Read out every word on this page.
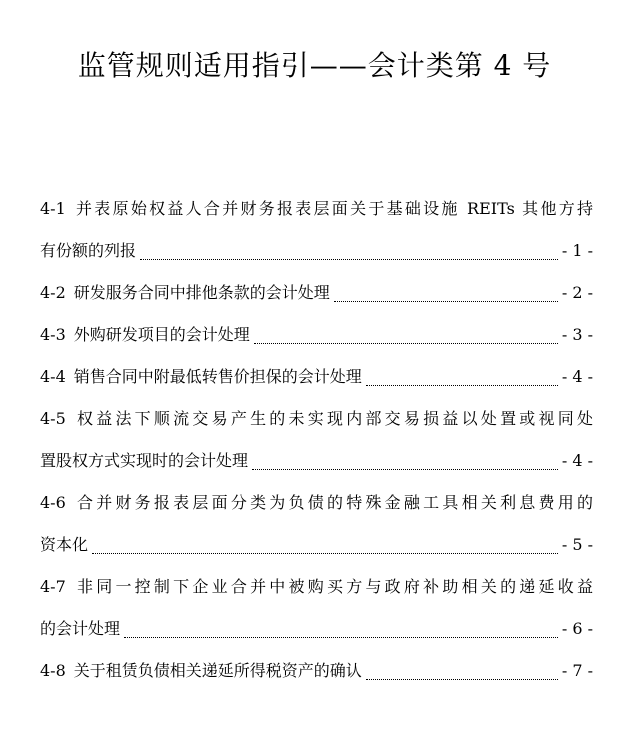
监管规则适用指引——会计类第 4 号
4-1 并表原始权益人合并财务报表层面关于基础设施 REITs 其他方持
有份额的列报	- 1 -
4-2 研发服务合同中排他条款的会计处理	- 2 -
4-3 外购研发项目的会计处理	- 3 -
4-4 销售合同中附最低转售价担保的会计处理	- 4 -
4-5 权益法下顺流交易产生的未实现内部交易损益以处置或视同处
置股权方式实现时的会计处理	- 4 -
4-6 合并财务报表层面分类为负债的特殊金融工具相关利息费用的
资本化	- 5 -
4-7 非同一控制下企业合并中被购买方与政府补助相关的递延收益
的会计处理	- 6 -
4-8 关于租赁负债相关递延所得税资产的确认	- 7 -
